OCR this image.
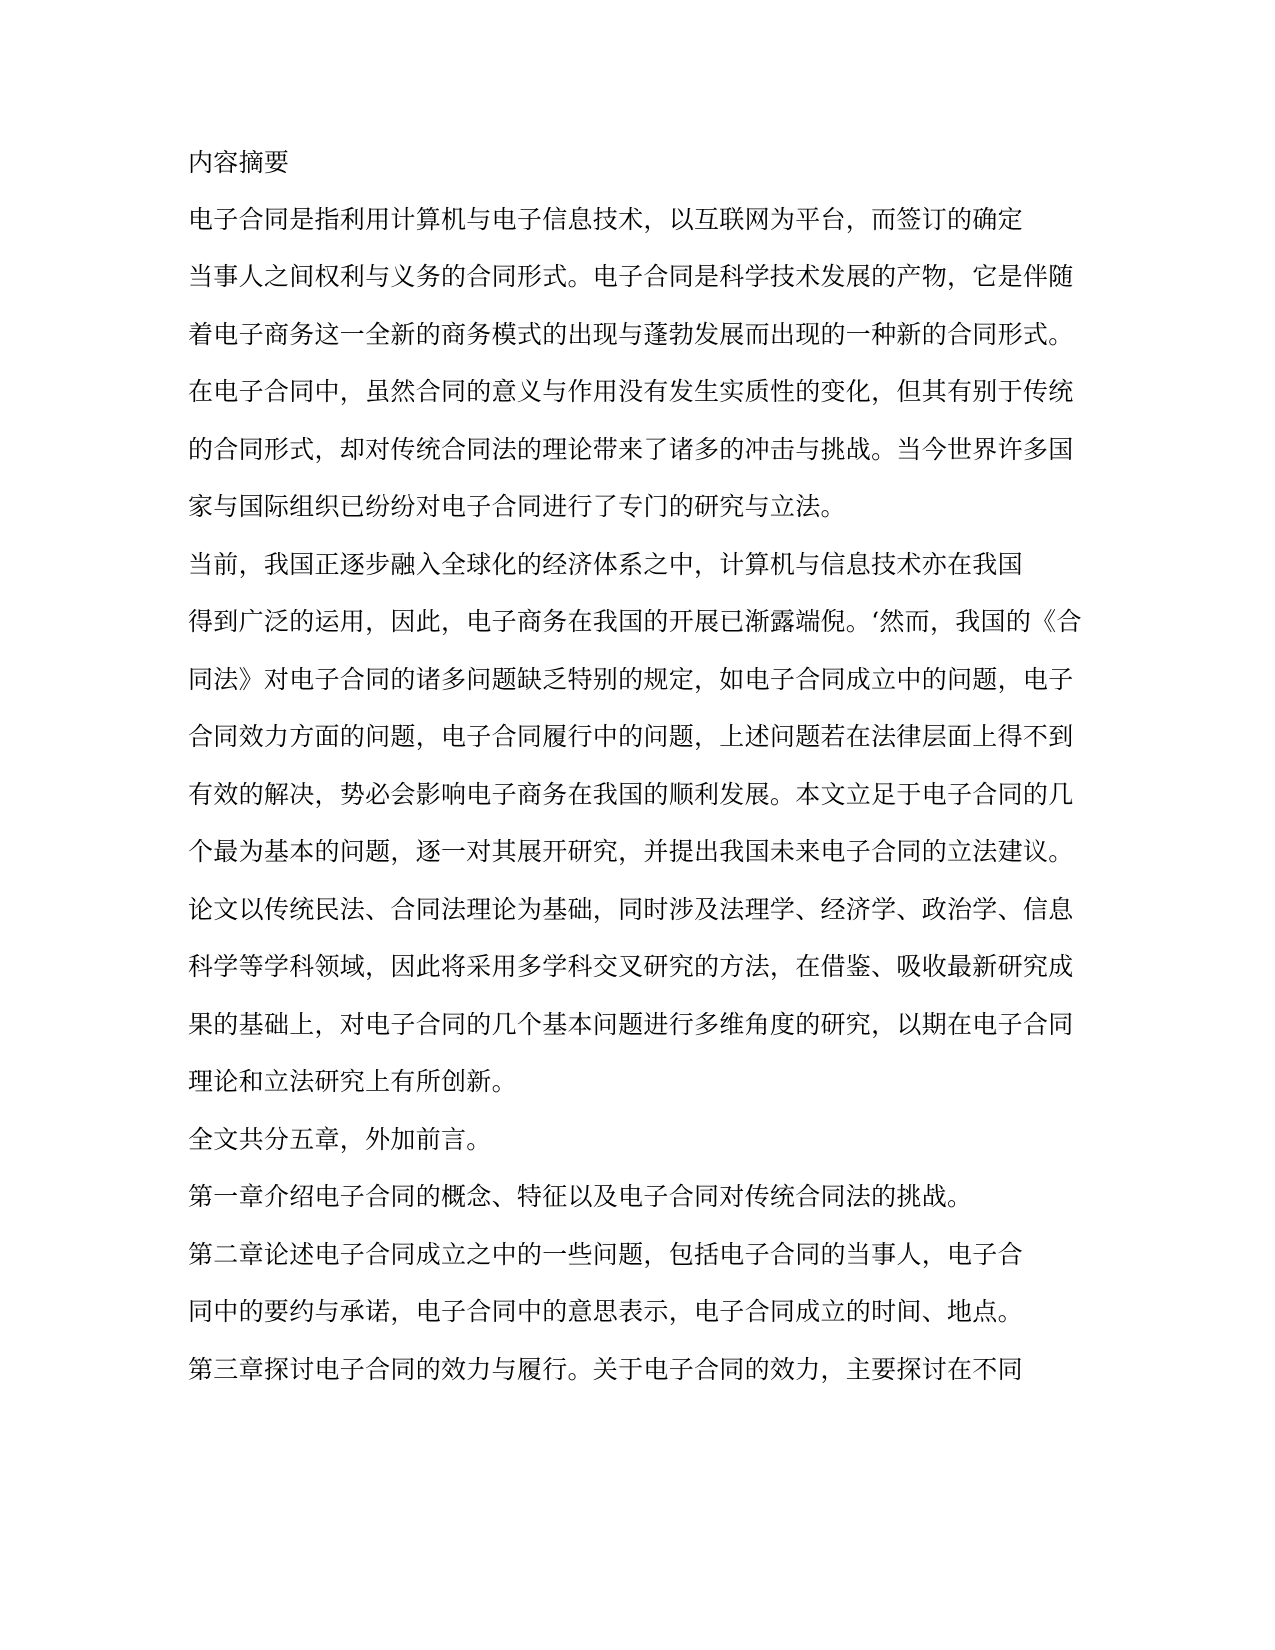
内容摘要
电子合同是指利用计算机与电子信息技术，以互联网为平台，而签订的确定
当事人之间权利与义务的合同形式。电子合同是科学技术发展的产物，它是伴随
着电子商务这一全新的商务模式的出现与蓬勃发展而出现的一种新的合同形式。
在电子合同中，虽然合同的意义与作用没有发生实质性的变化，但其有别于传统
的合同形式，却对传统合同法的理论带来了诸多的冲击与挑战。当今世界许多国
家与国际组织已纷纷对电子合同进行了专门的研究与立法。
当前，我国正逐步融入全球化的经济体系之中，计算机与信息技术亦在我国
得到广泛的运用，因此，电子商务在我国的开展已渐露端倪。‘然而，我国的《合
同法》对电子合同的诸多问题缺乏特别的规定，如电子合同成立中的问题，电子
合同效力方面的问题，电子合同履行中的问题，上述问题若在法律层面上得不到
有效的解决，势必会影响电子商务在我国的顺利发展。本文立足于电子合同的几
个最为基本的问题，逐一对其展开研究，并提出我国未来电子合同的立法建议。
论文以传统民法、合同法理论为基础，同时涉及法理学、经济学、政治学、信息
科学等学科领域，因此将采用多学科交叉研究的方法，在借鉴、吸收最新研究成
果的基础上，对电子合同的几个基本问题进行多维角度的研究，以期在电子合同
理论和立法研究上有所创新。
全文共分五章，外加前言。
第一章介绍电子合同的概念、特征以及电子合同对传统合同法的挑战。
第二章论述电子合同成立之中的一些问题，包括电子合同的当事人，电子合
同中的要约与承诺，电子合同中的意思表示，电子合同成立的时间、地点。
第三章探讨电子合同的效力与履行。关于电子合同的效力，主要探讨在不同
